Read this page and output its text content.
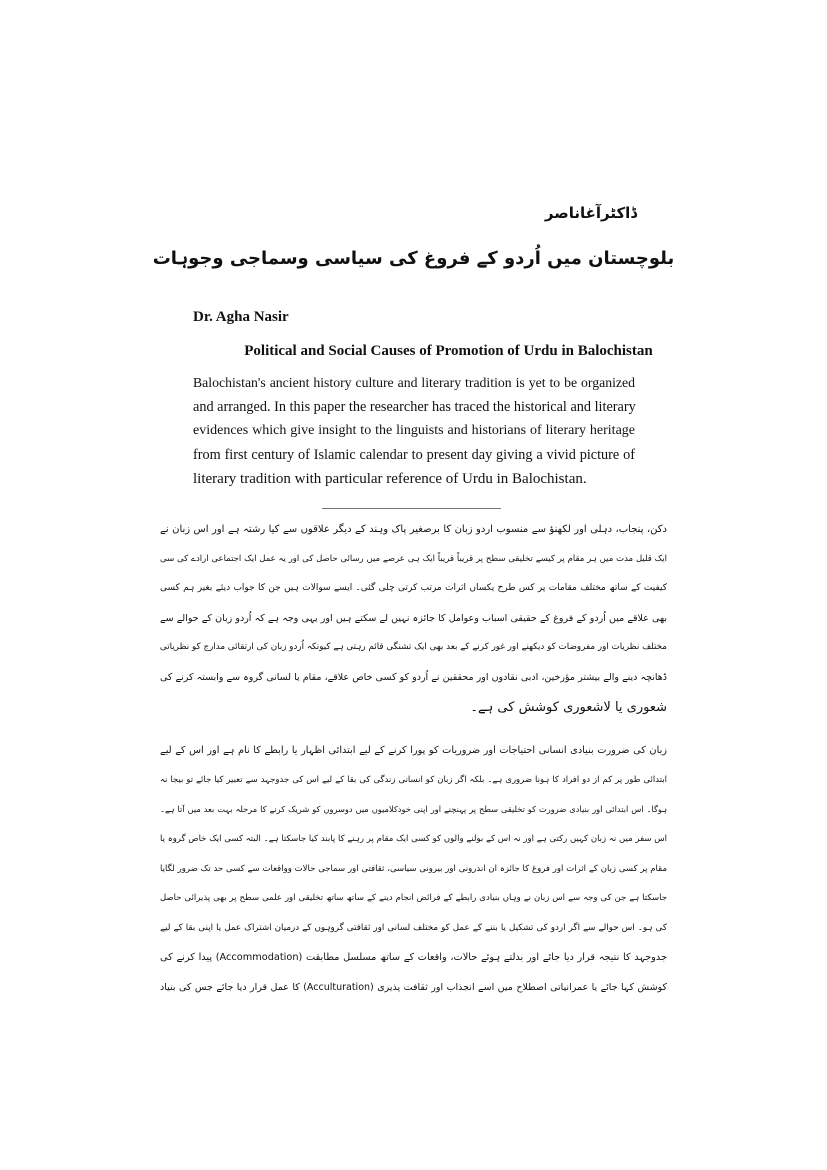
ڈاکٹرآغاناصر

بلوچستان میں اُردو کے فروغ کی سیاسی وسماجی وجوہات

Dr. Agha Nasir

Political and Social Causes of Promotion of Urdu in Balochistan
Balochistan's ancient history culture and literary tradition is yet to be organized
and arranged. In this paper the researcher has traced the historical and literary
evidences which give insight to the linguists and historians of literary heritage
from first century of Islamic calendar to present day giving a vivid picture of
literary tradition with particular reference of Urdu in Balochistan.
دکن، پنجاب، دہلی اور لکھنؤ سے منسوب اردو زبان کا برصغیر پاک وہند کے دیگر علاقوں سے کیا رشتہ ہے اور اس زبان نے
ایک قلیل مدت میں ہر مقام پر کیسے تخلیقی سطح پر قریباً قریباً ایک ہی عرصے میں رسائی حاصل کی اور یہ عمل ایک اجتماعی ارادے کی سی
کیفیت کے ساتھ مختلف مقامات پر کس طرح یکساں اثرات مرتب کرتی چلی گئی۔ ایسے سوالات ہیں جن کا جواب دیئے بغیر ہم کسی
بھی علاقے میں اُردو کے فروغ کے حقیقی اسباب وعوامل کا جائزہ نہیں لے سکتے ہیں اور یہی وجہ ہے کہ اُردو زبان کے حوالے سے
مختلف نظریات اور مفروضات کو دیکھنے اور غور کرنے کے بعد بھی ایک تشنگی قائم رہتی ہے کیونکہ اُردو زبان کی ارتقائی مدارج کو نظریاتی
ڈھانچہ دینے والے بیشتر مؤرخین، ادبی نقادوں اور محققین نے اُردو کو کسی خاص علاقے، مقام یا لسانی گروہ سے وابستہ کرنے کی
شعوری یا لاشعوری کوشش کی ہے۔
زبان کی ضرورت بنیادی انسانی احتیاجات اور ضروریات کو پورا کرنے کے لیے ابتدائی اظہار یا رابطے کا نام ہے اور اس کے لیے
ابتدائی طور پر کم از دو افراد کا ہونا ضروری ہے۔ بلکہ اگر زبان کو انسانی زندگی کی بقا کے لیے اس کی جدوجہد سے تعبیر کیا جائے تو بیجا نہ
ہوگا۔ اس ابتدائی اور بنیادی ضرورت کو تخلیقی سطح پر پہنچنے اور اپنی خودکلامیوں میں دوسروں کو شریک کرنے کا مرحلہ بہت بعد میں آتا ہے۔
اس سفر میں نہ زبان کہیں رکتی ہے اور نہ اس کے بولنے والوں کو کسی ایک مقام پر رہنے کا پابند کیا جاسکتا ہے۔ البتہ کسی ایک خاص گروہ یا
مقام پر کسی زبان کے اثرات اور فروغ کا جائزہ ان اندرونی اور بیرونی سیاسی، ثقافتی اور سماجی حالات وواقعات سے کسی حد تک ضرور لگایا
جاسکتا ہے جن کی وجہ سے اس زبان نے وہاں بنیادی رابطے کے فرائض انجام دینے کے ساتھ ساتھ تخلیقی اور علمی سطح پر بھی پذیرائی حاصل
کی ہو۔ اس حوالے سے اگر اردو کی تشکیل یا بننے کے عمل کو مختلف لسانی اور ثقافتی گروہوں کے درمیان اشتراک عمل یا اپنی بقا کے لیے
جدوجہد کا نتیجہ قرار دیا جائے اور بدلتے ہوئے حالات، واقعات کے ساتھ مسلسل مطابقت (Accommodation) پیدا کرنے کی
کوشش کہا جائے یا عمرانیاتی اصطلاح میں اسے انجذاب اور ثقافت پذیری (Acculturation) کا عمل قرار دیا جائے جس کی بنیاد
